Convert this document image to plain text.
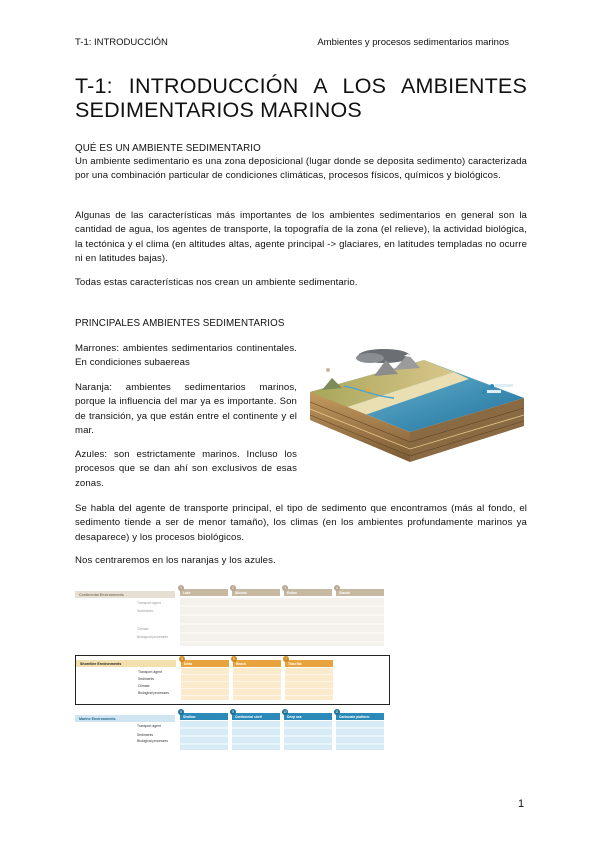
T-1: INTRODUCCIÓN	Ambientes y procesos sedimentarios marinos
T-1: INTRODUCCIÓN A LOS AMBIENTES
SEDIMENTARIOS MARINOS
QUÉ ES UN AMBIENTE SEDIMENTARIO
Un ambiente sedimentario es una zona deposicional (lugar donde se deposita sedimento) caracterizada por una combinación particular de condiciones climáticas, procesos físicos, químicos y biológicos.
Algunas de las características más importantes de los ambientes sedimentarios en general son la cantidad de agua, los agentes de transporte, la topografía de la zona (el relieve), la actividad biológica, la tectónica y el clima (en altitudes altas, agente principal -> glaciares, en latitudes templadas no ocurre ni en latitudes bajas).
Todas estas características nos crean un ambiente sedimentario.
PRINCIPALES AMBIENTES SEDIMENTARIOS
Marrones: ambientes sedimentarios continentales. En condiciones subaereas
Naranja: ambientes sedimentarios marinos, porque la influencia del mar ya es importante. Son de transición, ya que están entre el continente y el mar.
Azules: son estrictamente marinos. Incluso los procesos que se dan ahí son exclusivos de esas zonas.
Continental Environments
1
Lake
2
Alluvial
3
Eolian
4
Glacial
Transport agent
Sediments
Climate
Biological processes
Shoreline Environments
5
Delta
6
Beach
7
Tidal flat
Transport agent
Sediments
Climate
Biological processes
Marine Environments
8
Shallow
9
Continental shelf
10
Deep sea
11
Carbonate platform
Transport agent
Sediments
Biological processes
Se habla del agente de transporte principal, el tipo de sedimento que encontramos (más al fondo, el sedimento tiende a ser de menor tamaño), los climas (en los ambientes profundamente marinos ya desaparece) y los procesos biológicos.
Nos centraremos en los naranjas y los azules.
1
